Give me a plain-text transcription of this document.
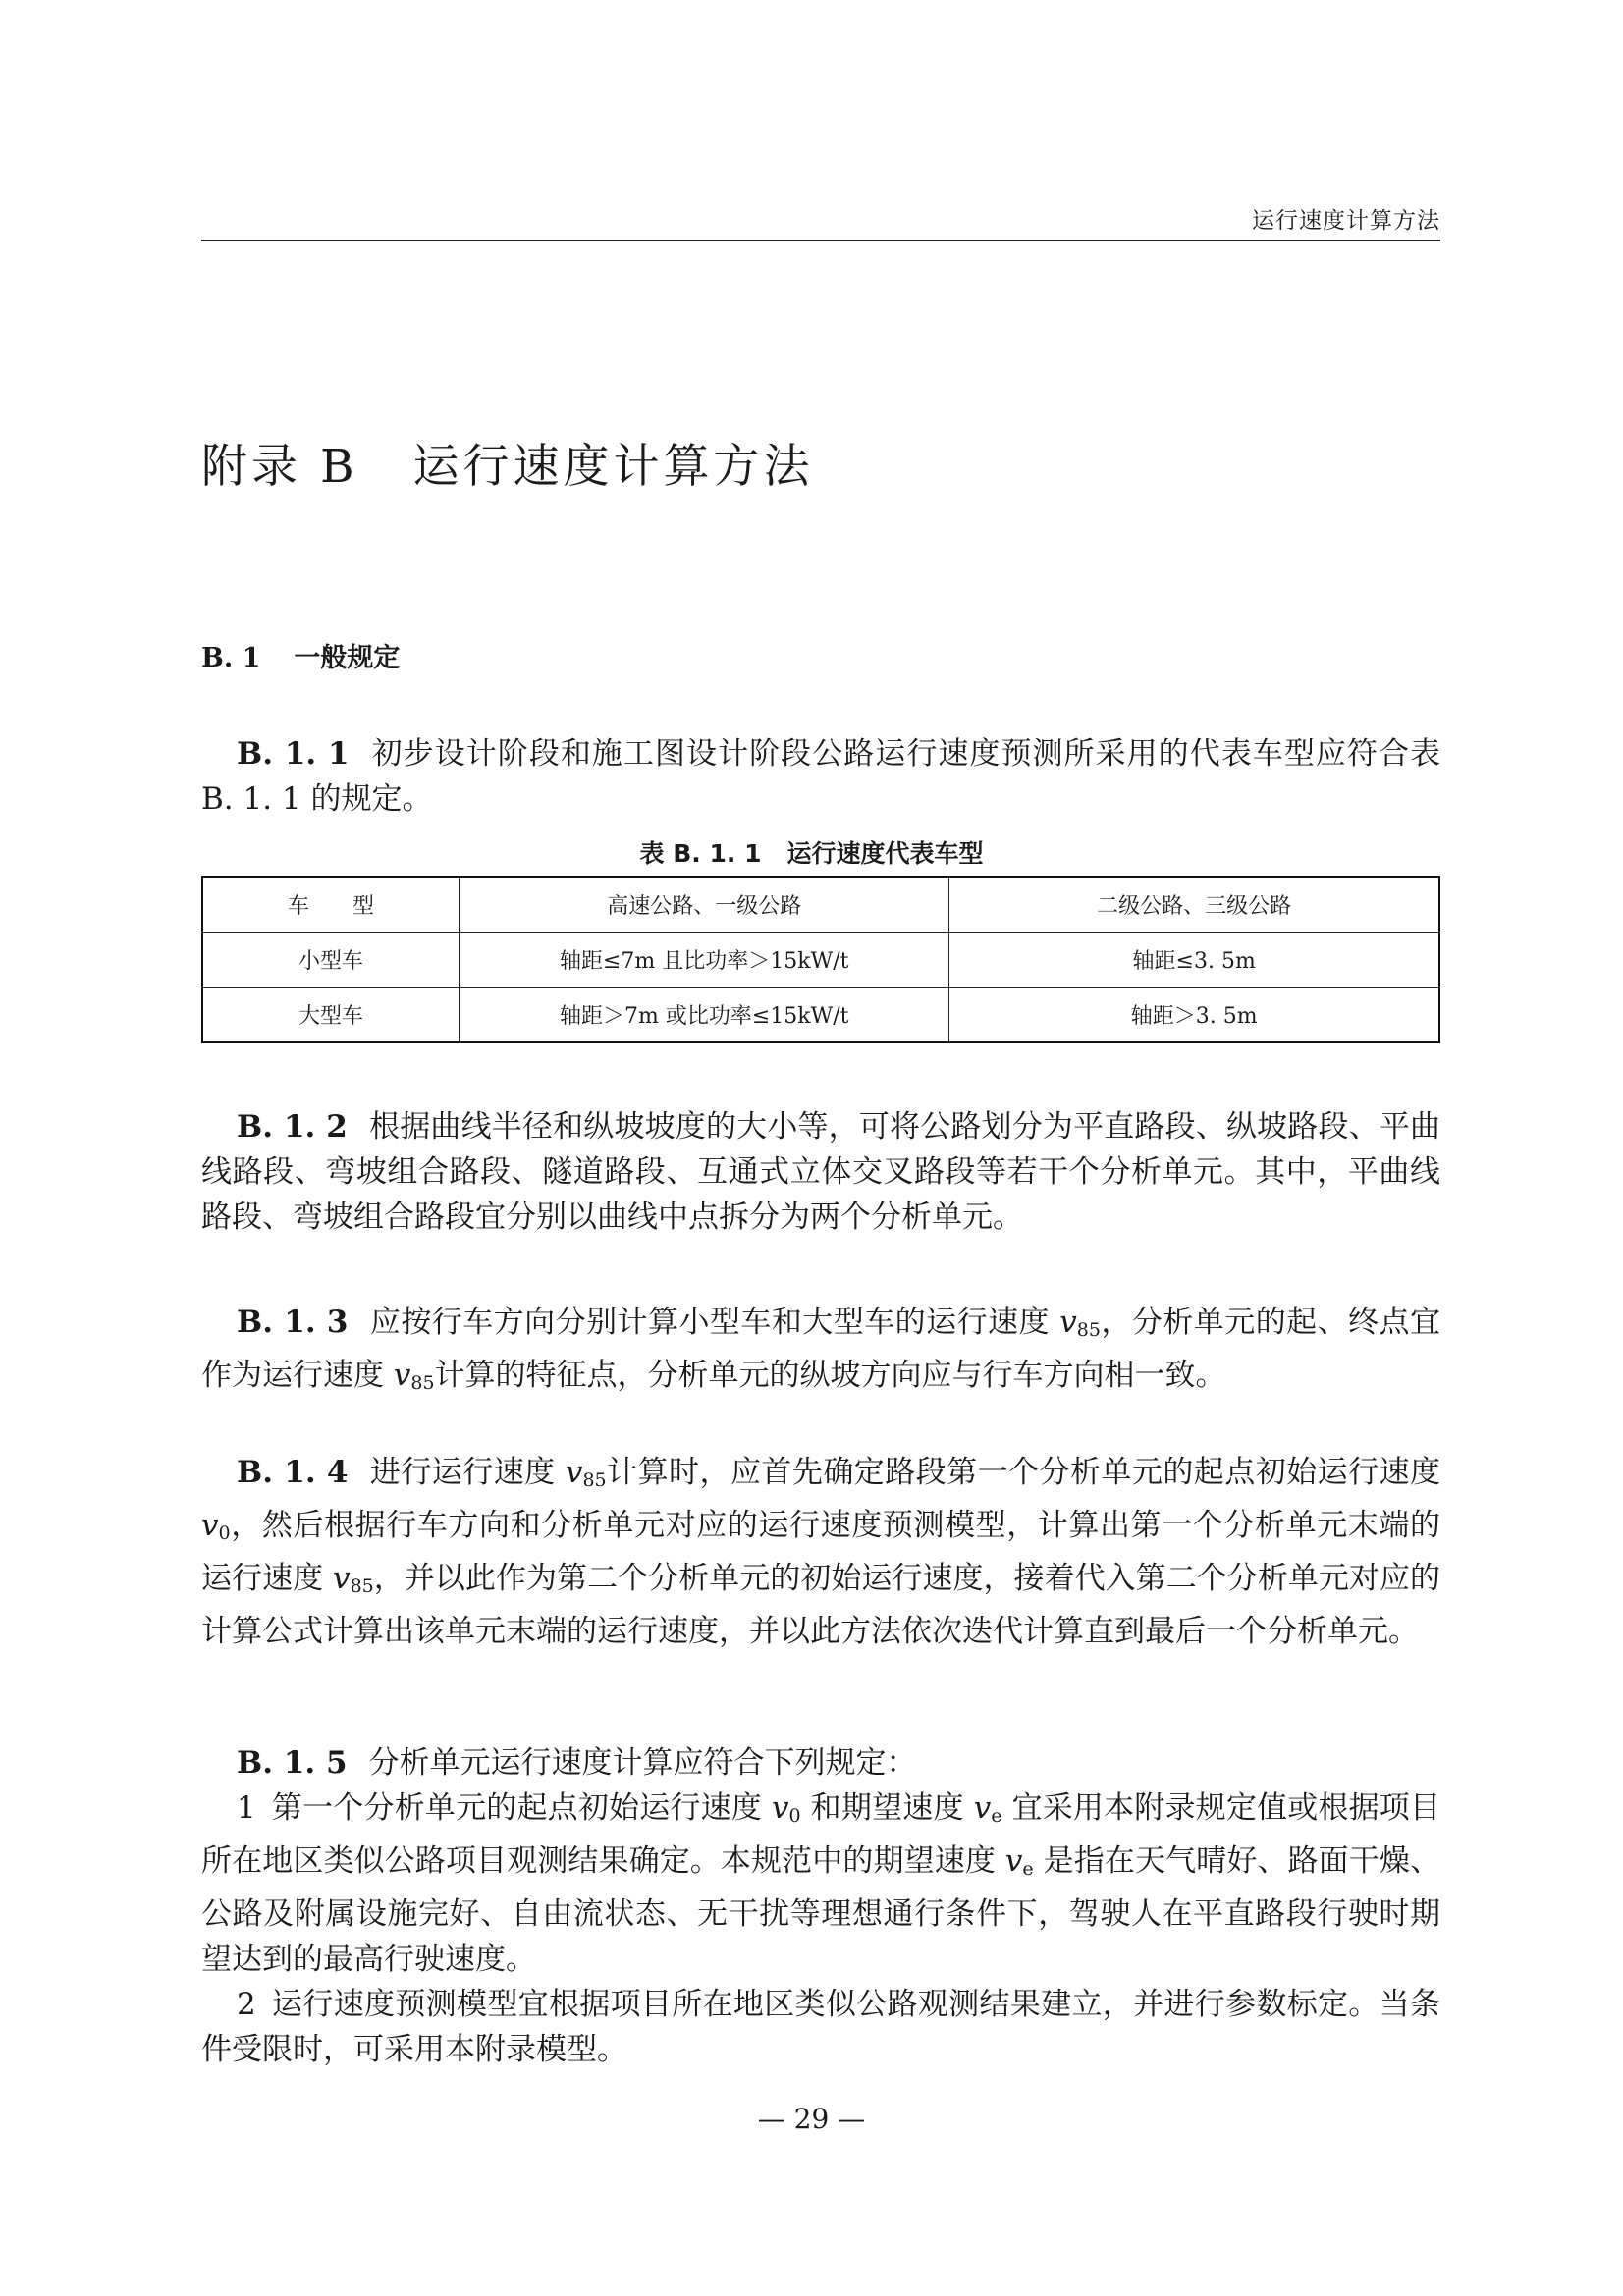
运行速度计算方法
附录 B 运行速度计算方法
B. 1 一般规定
B. 1. 1 初步设计阶段和施工图设计阶段公路运行速度预测所采用的代表车型应符合表 B. 1. 1 的规定。
表 B. 1. 1 运行速度代表车型
车　　型	高速公路、一级公路	二级公路、三级公路
小型车	轴距≤7m 且比功率＞15kW/t	轴距≤3. 5m
大型车	轴距＞7m 或比功率≤15kW/t	轴距＞3. 5m
B. 1. 2 根据曲线半径和纵坡坡度的大小等，可将公路划分为平直路段、纵坡路段、平曲线路段、弯坡组合路段、隧道路段、互通式立体交叉路段等若干个分析单元。其中，平曲线路段、弯坡组合路段宜分别以曲线中点拆分为两个分析单元。
B. 1. 3 应按行车方向分别计算小型车和大型车的运行速度 $v_{85}$，分析单元的起、终点宜作为运行速度 $v_{85}$计算的特征点，分析单元的纵坡方向应与行车方向相一致。
B. 1. 4 进行运行速度 $v_{85}$计算时，应首先确定路段第一个分析单元的起点初始运行速度 $v_0$，然后根据行车方向和分析单元对应的运行速度预测模型，计算出第一个分析单元末端的运行速度 $v_{85}$，并以此作为第二个分析单元的初始运行速度，接着代入第二个分析单元对应的计算公式计算出该单元末端的运行速度，并以此方法依次迭代计算直到最后一个分析单元。
B. 1. 5 分析单元运行速度计算应符合下列规定：
1 第一个分析单元的起点初始运行速度 $v_0$ 和期望速度 $v_e$ 宜采用本附录规定值或根据项目所在地区类似公路项目观测结果确定。本规范中的期望速度 $v_e$ 是指在天气晴好、路面干燥、公路及附属设施完好、自由流状态、无干扰等理想通行条件下，驾驶人在平直路段行驶时期望达到的最高行驶速度。
2 运行速度预测模型宜根据项目所在地区类似公路观测结果建立，并进行参数标定。当条件受限时，可采用本附录模型。
— 29 —
